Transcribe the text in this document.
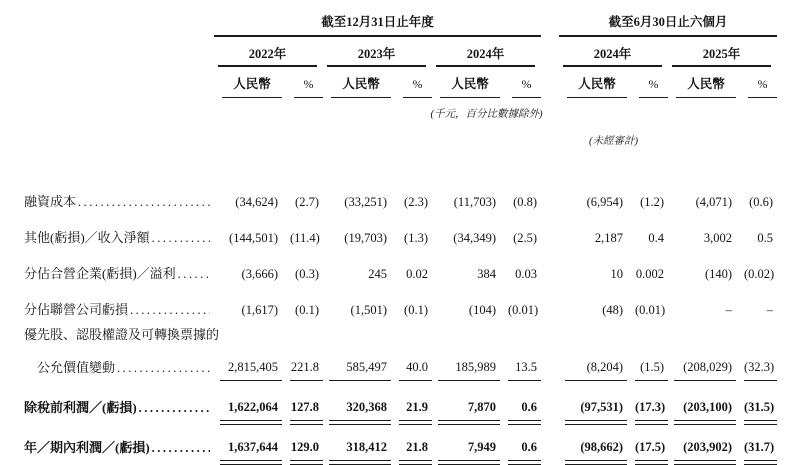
	截至12月31日止年度							截至6月30日止六個月			

	2022年		2023年		2024年			2024年		2025年	

	人民幣	%	人民幣	%	人民幣	%		人民幣	%	人民幣	%

(千元，百分比數據除外)						

(未經審計)			

融資成本
.....	(34,624)	(2.7)	(33,251)	(2.3)	(11,703)	(0.8)		(6,954)	(1.2)	(4,071)	(0.6)

其他(虧損)／收入淨額
.....	(144,501)	(11.4)	(19,703)	(1.3)	(34,349)	(2.5)		2,187	0.4	3,002	0.5

分佔合營企業(虧損)／溢利
.....	(3,666)	(0.3)	245	0.02	384	0.03		10	0.002	(140)	(0.02)

分佔聯營公司虧損
.....	(1,617)	(0.1)	(1,501)	(0.1)	(104)	(0.01)		(48)	(0.01)	–	–

優先股、認股權證及可轉換票據的											

公允價值變動
.....	2,815,405	221.8	585,497	40.0	185,989	13.5		(8,204)	(1.5)	(208,029)	(32.3)

除稅前利潤／(虧損)
.....	1,622,064	127.8	320,368	21.9	7,870	0.6		(97,531)	(17.3)	(203,100)	(31.5)

年／期內利潤／(虧損)
.....	1,637,644	129.0	318,412	21.8	7,949	0.6		(98,662)	(17.5)	(203,902)	(31.7)
